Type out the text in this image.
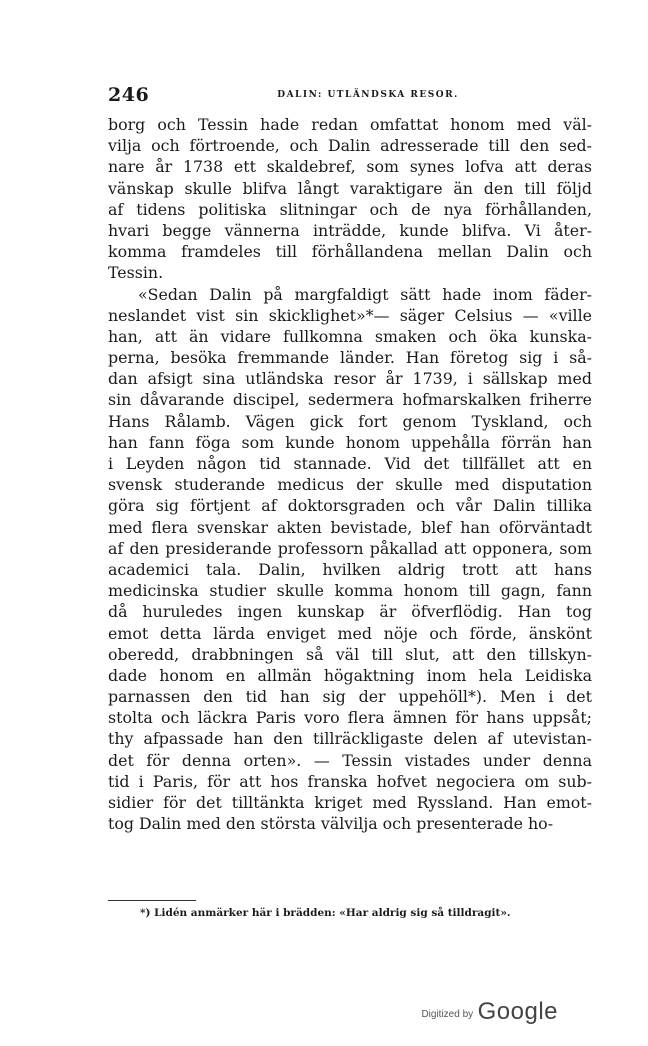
246	DALIN: UTLÄNDSKA RESOR.
borg och Tessin hade redan omfattat honom med väl-
vilja och förtroende, och Dalin adresserade till den sed-
nare år 1738 ett skaldebref, som synes lofva att deras
vänskap skulle blifva långt varaktigare än den till följd
af tidens politiska slitningar och de nya förhållanden,
hvari begge vännerna inträdde, kunde blifva. Vi åter-
komma framdeles till förhållandena mellan Dalin och
Tessin.
«Sedan Dalin på margfaldigt sätt hade inom fäder-
neslandet vist sin skicklighet»*— säger Celsius — «ville
han, att än vidare fullkomna smaken och öka kunska-
perna, besöka fremmande länder. Han företog sig i så-
dan afsigt sina utländska resor år 1739, i sällskap med
sin dåvarande discipel, sedermera hofmarskalken friherre
Hans Rålamb. Vägen gick fort genom Tyskland, och
han fann föga som kunde honom uppehålla förrän han
i Leyden någon tid stannade. Vid det tillfället att en
svensk studerande medicus der skulle med disputation
göra sig förtjent af doktorsgraden och vår Dalin tillika
med flera svenskar akten bevistade, blef han oförväntadt
af den presiderande professorn påkallad att opponera, som
academici tala. Dalin, hvilken aldrig trott att hans
medicinska studier skulle komma honom till gagn, fann
då huruledes ingen kunskap är öfverflödig. Han tog
emot detta lärda enviget med nöje och förde, änskönt
oberedd, drabbningen så väl till slut, att den tillskyn-
dade honom en allmän högaktning inom hela Leidiska
parnassen den tid han sig der uppehöll*). Men i det
stolta och läckra Paris voro flera ämnen för hans uppsåt;
thy afpassade han den tillräckligaste delen af utevistan-
det för denna orten». — Tessin vistades under denna
tid i Paris, för att hos franska hofvet negociera om sub-
sidier för det tilltänkta kriget med Ryssland. Han emot-
tog Dalin med den största välvilja och presenterade ho-
*) Lidén anmärker här i brädden: «Har aldrig sig så tilldragit».
Digitized by Google
